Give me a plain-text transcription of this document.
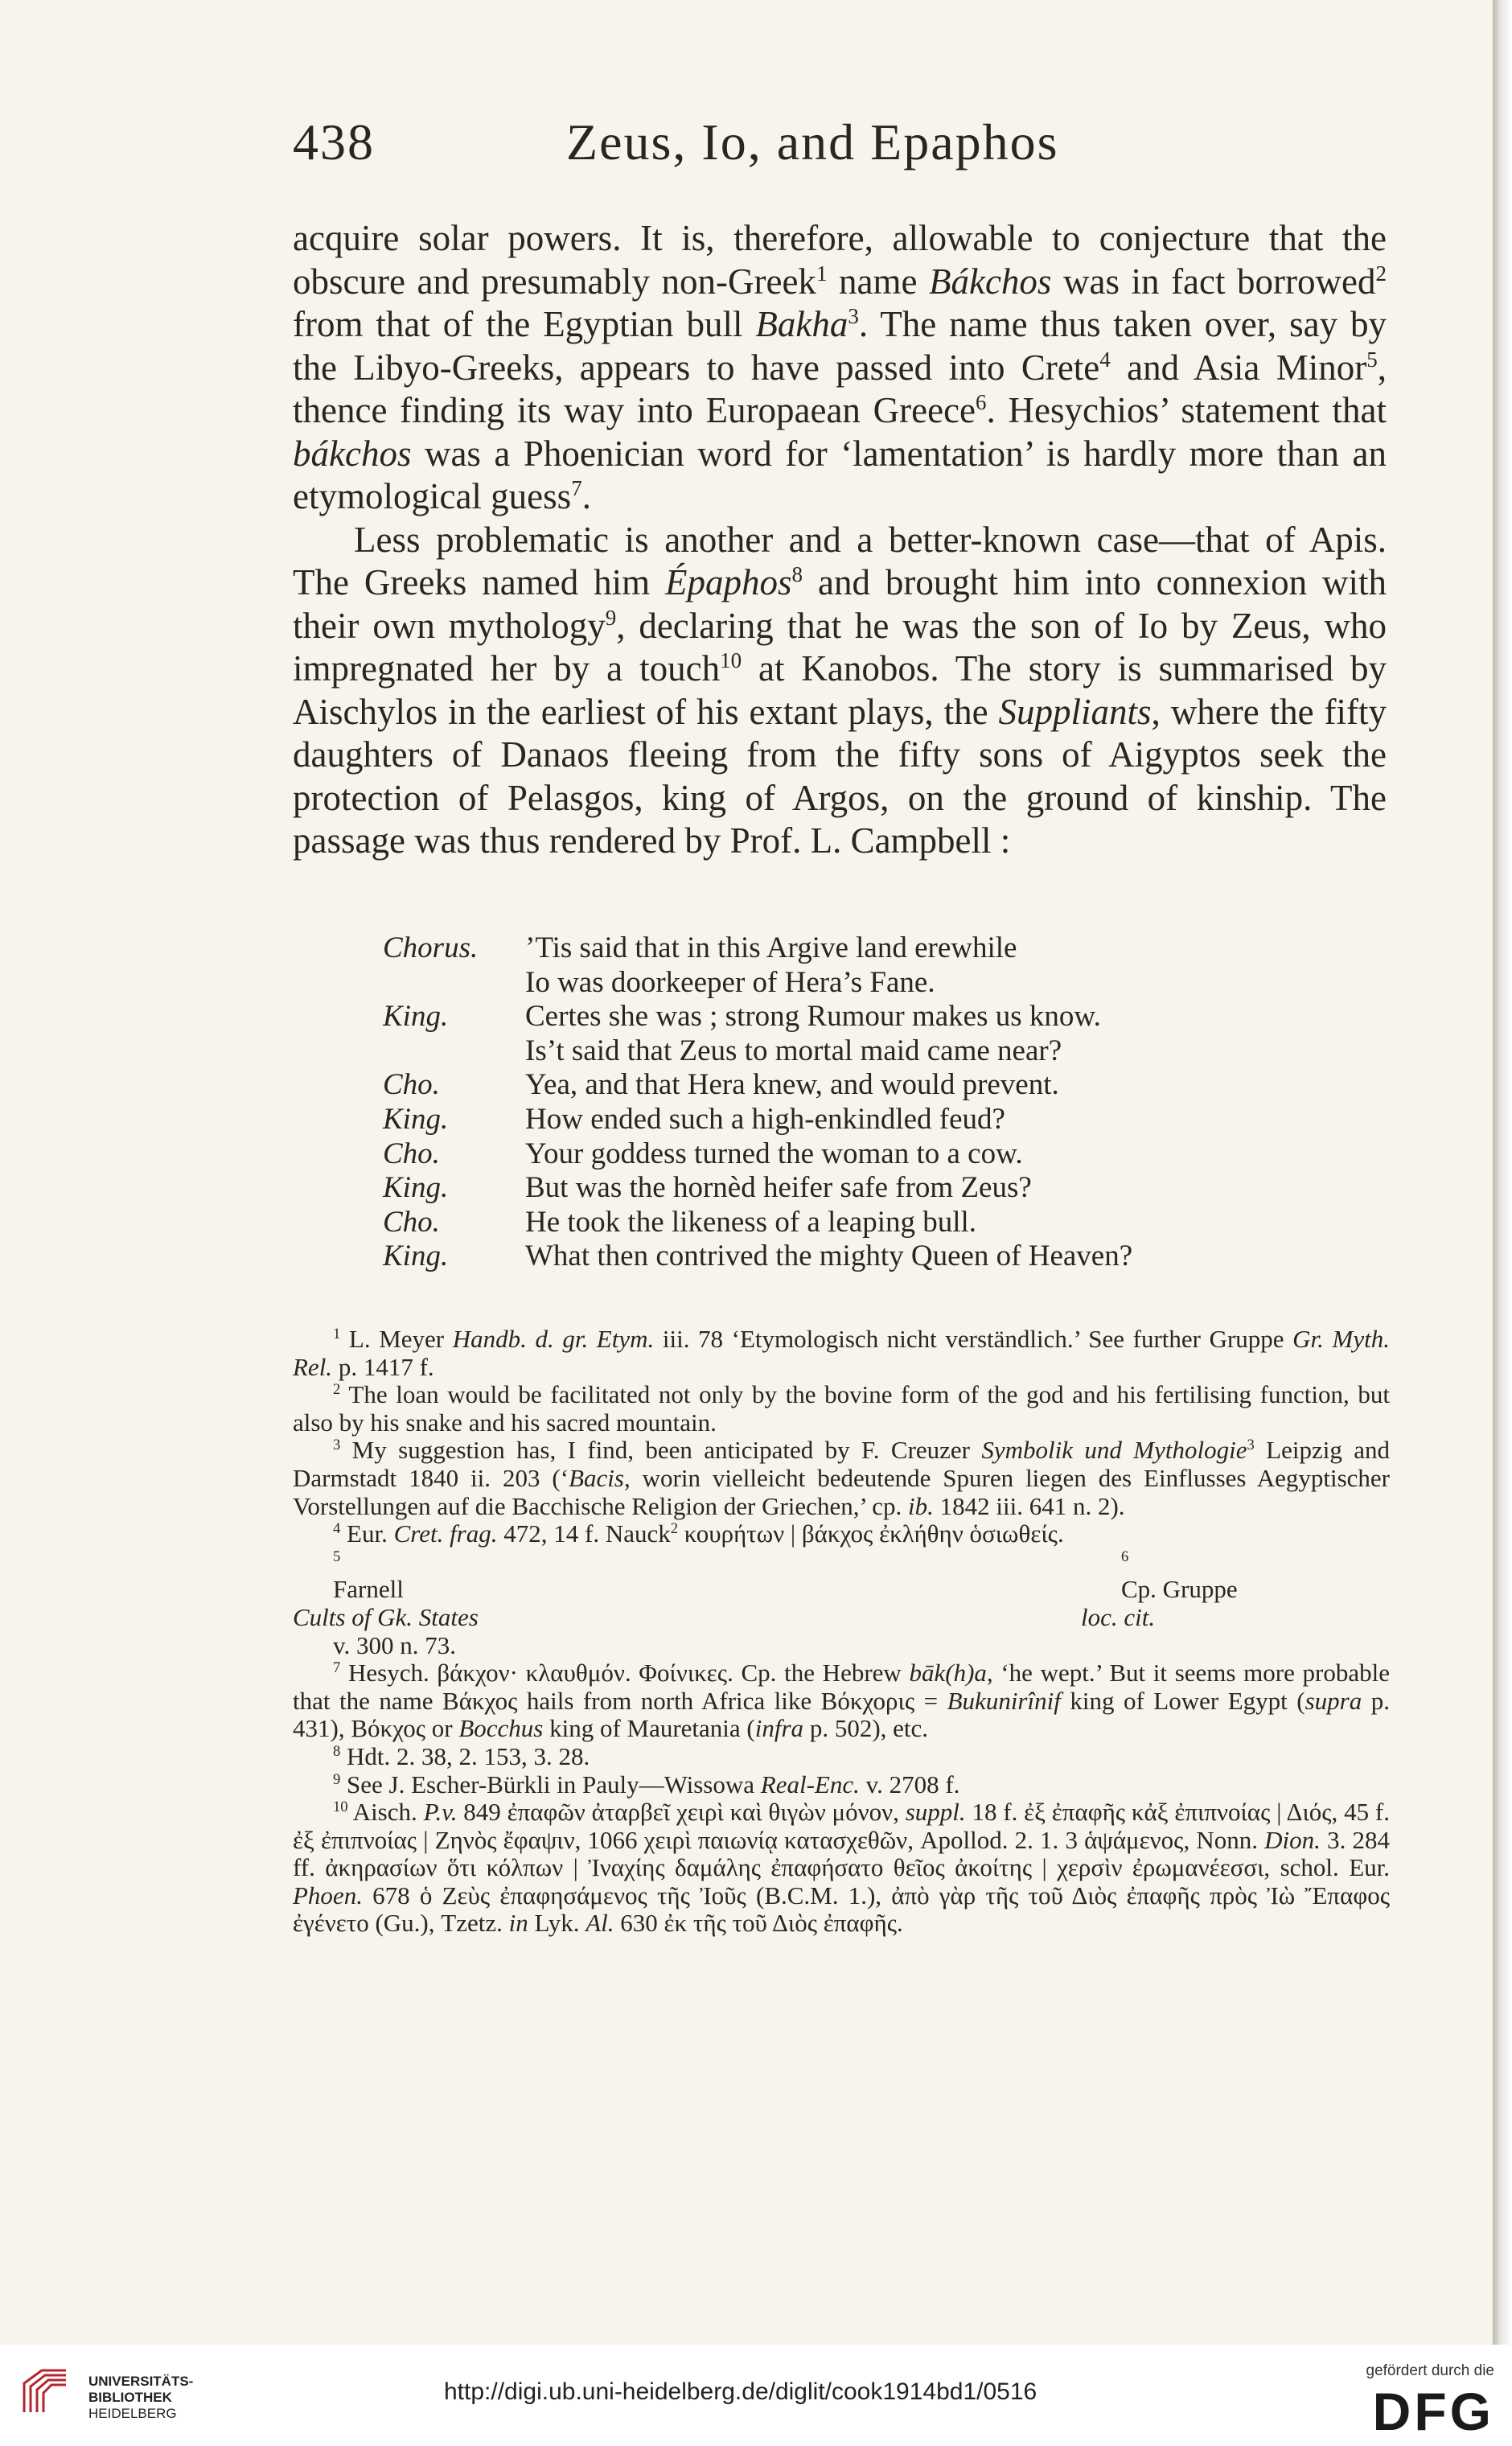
438	Zeus, Io, and Epaphos

acquire solar powers. It is, therefore, allowable to conjecture that the obscure and presumably non-Greek$^1$ name Bákchos was in fact borrowed$^2$ from that of the Egyptian bull Bakha$^3$. The name thus taken over, say by the Libyo-Greeks, appears to have passed into Crete$^4$ and Asia Minor$^5$, thence finding its way into Europaean Greece$^6$. Hesychios’ statement that bákchos was a Phoenician word for ‘lamentation’ is hardly more than an etymological guess$^7$.

Less problematic is another and a better-known case—that of Apis. The Greeks named him Épaphos$^8$ and brought him into connexion with their own mythology$^9$, declaring that he was the son of Io by Zeus, who impregnated her by a touch$^{10}$ at Kanobos. The story is summarised by Aischylos in the earliest of his extant plays, the Suppliants, where the fifty daughters of Danaos fleeing from the fifty sons of Aigyptos seek the protection of Pelasgos, king of Argos, on the ground of kinship. The passage was thus rendered by Prof. L. Campbell :

Chorus.	’Tis said that in this Argive land erewhile
Io was doorkeeper of Hera’s Fane.
King.	Certes she was ; strong Rumour makes us know.
Is’t said that Zeus to mortal maid came near?
Cho.	Yea, and that Hera knew, and would prevent.
King.	How ended such a high-enkindled feud?
Cho.	Your goddess turned the woman to a cow.
King.	But was the hornèd heifer safe from Zeus?
Cho.	He took the likeness of a leaping bull.
King.	What then contrived the mighty Queen of Heaven?

$^1$ L. Meyer Handb. d. gr. Etym. iii. 78 ‘Etymologisch nicht verständlich.’ See further Gruppe Gr. Myth. Rel. p. 1417 f.

$^2$ The loan would be facilitated not only by the bovine form of the god and his fertilising function, but also by his snake and his sacred mountain.

$^3$ My suggestion has, I find, been anticipated by F. Creuzer Symbolik und Mythologie$^3$ Leipzig and Darmstadt 1840 ii. 203 (‘Bacis, worin vielleicht bedeutende Spuren liegen des Einflusses Aegyptischer Vorstellungen auf die Bacchische Religion der Griechen,’ cp. ib. 1842 iii. 641 n. 2).

$^4$ Eur. Cret. frag. 472, 14 f. Nauck$^2$ κουρήτων | βάκχος ἐκλήθην ὁσιωθείς.

$^5$
Farnell
Cults of Gk. States
v. 300 n. 73.
$^6$
Cp. Gruppe
loc. cit.

$^7$ Hesych. βάκχον· κλαυθμόν. Φοίνικες. Cp. the Hebrew bāk(h)a, ‘he wept.’ But it seems more probable that the name Βάκχος hails from north Africa like Βόκχορις = Bukunirînif king of Lower Egypt (supra p. 431), Βόκχος or Bocchus king of Mauretania (infra p. 502), etc.

$^8$ Hdt. 2. 38, 2. 153, 3. 28.

$^9$ See J. Escher-Bürkli in Pauly—Wissowa Real-Enc. v. 2708 f.

$^{10}$ Aisch. P.v. 849 ἐπαφῶν ἀταρβεῖ χειρὶ καὶ θιγὼν μόνον, suppl. 18 f. ἐξ ἐπαφῆς κἀξ ἐπιπνοίας | Διός, 45 f. ἐξ ἐπιπνοίας | Ζηνὸς ἔφαψιν, 1066 χειρὶ παιωνίᾳ κατασχεθῶν, Apollod. 2. 1. 3 ἁψάμενος, Nonn. Dion. 3. 284 ff. ἀκηρασίων ὅτι κόλπων | Ἰναχίης δαμάλης ἐπαφήσατο θεῖος ἀκοίτης | χερσὶν ἐρωμανέεσσι, schol. Eur. Phoen. 678 ὁ Ζεὺς ἐπαφησάμενος τῆς Ἰοῦς (B.C.M. 1.), ἀπὸ γὰρ τῆς τοῦ Διὸς ἐπαφῆς πρὸς Ἰὼ Ἔπαφος ἐγένετο (Gu.), Tzetz. in Lyk. Al. 630 ἐκ τῆς τοῦ Διὸς ἐπαφῆς.

UNIVERSITÄTS-
BIBLIOTHEK
HEIDELBERG
http://digi.ub.uni-heidelberg.de/diglit/cook1914bd1/0516
gefördert durch die
DFG
